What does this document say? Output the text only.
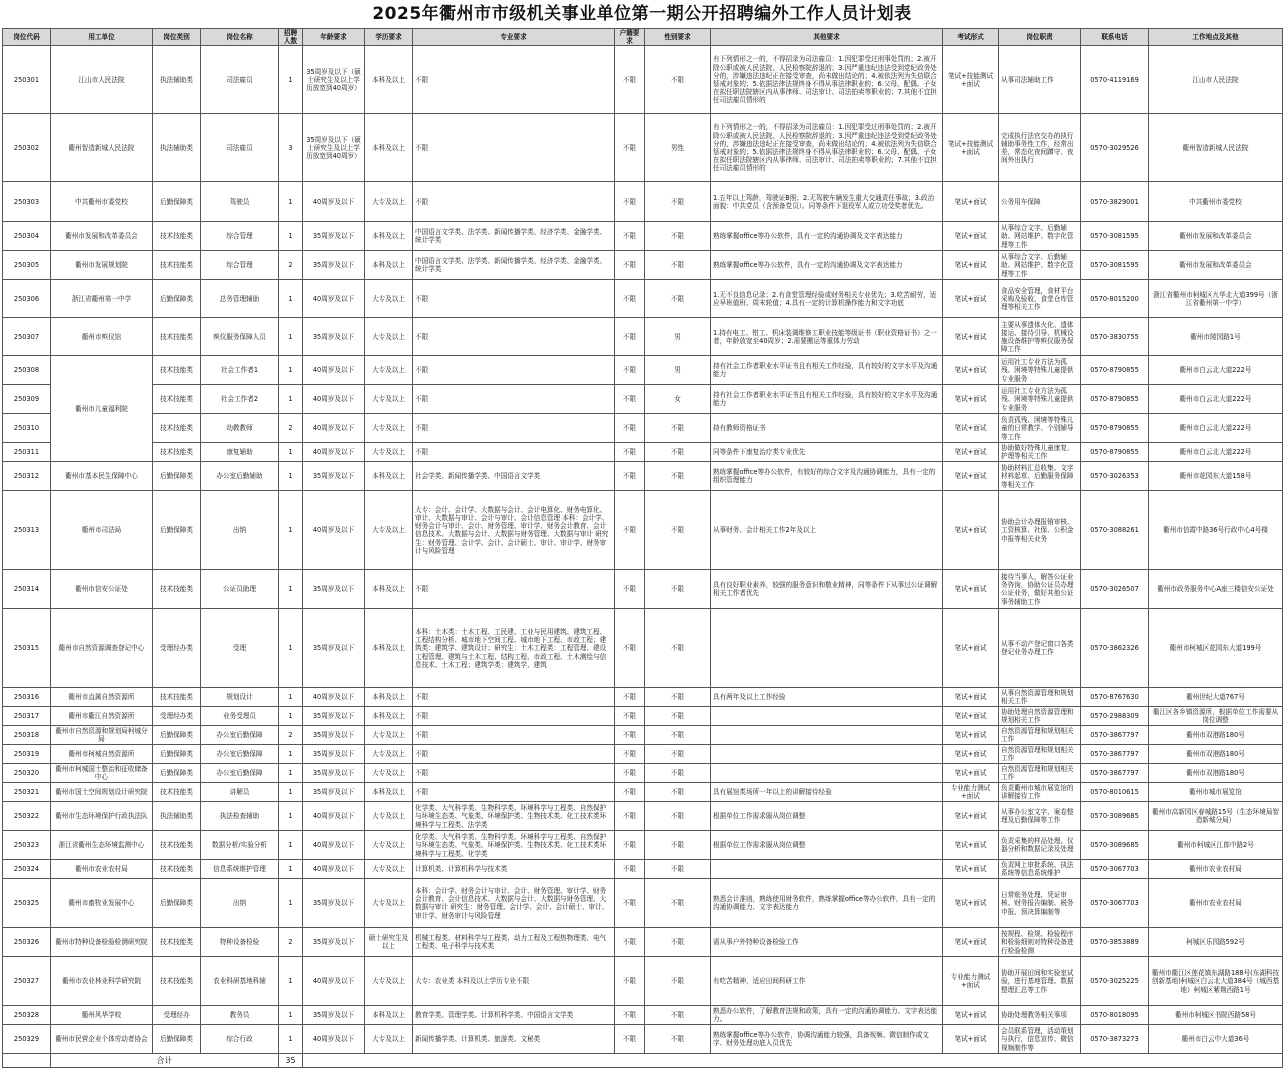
2025年衢州市市级机关事业单位第一期公开招聘编外工作人员计划表
岗位代码	用工单位	岗位类别	岗位名称	招聘人数	年龄要求	学历要求	专业要求	户籍要求	性别要求	其他要求	考试形式	岗位职责	联系电话	工作地点及其他
250301	江山市人民法院	执法辅助类	司法雇员	1	35周岁及以下（硕士研究生及以上学历放宽到40周岁）	本科及以上	不限	不限	不限	有下列情形之一的，不得招录为司法雇员：1.因犯罪受过刑事处罚的；2.被开除公职或被人民法院、人民检察院辞退的；3.因严重违纪违法受到党纪政务处分的，涉嫌违法违纪正在接受审查，尚未做出结论的；4.被依法列为失信联合惩戒对象的；5.依据法律法规终身不得从事法律职业的；6.父母、配偶、子女在拟任职法院辖区内从事律师、司法审计、司法拍卖等职业的；7.其他不宜担任司法雇员情形的	笔试+技能测试+面试	从事司法辅助工作	0570-4119169	江山市人民法院
250302	衢州智造新城人民法院	执法辅助类	司法雇员	3	35周岁及以下（硕士研究生及以上学历放宽到40周岁）	本科及以上	不限	不限	男性	有下列情形之一的，不得招录为司法雇员：1.因犯罪受过刑事处罚的；2.被开除公职或被人民法院、人民检察院辞退的；3.因严重违纪违法受到党纪政务处分的，涉嫌违法违纪正在接受审查，尚未做出结论的；4.被依法列为失信联合惩戒对象的；5.依据法律法规终身不得从事法律职业的；6.父母、配偶、子女在拟任职法院辖区内从事律师、司法审计、司法拍卖等职业的；7.其他不宜担任司法雇员情形的	笔试+技能测试+面试	完成执行法官交办的执行辅助事务性工作，经常出差，常态化夜间蹲守、夜间外出执行	0570-3029526	衢州智造新城人民法院
250303	中共衢州市委党校	后勤保障类	驾驶员	1	40周岁及以下	大专及以上	不限	不限	不限	1.五年以上驾龄，驾驶证B照；2.无驾驶车辆发生重大交通责任事故；3.政治面貌：中共党员（含预备党员）。同等条件下退役军人或立功受奖者优先。	笔试+面试	公务用车保障	0570-3829001	中共衢州市委党校
250304	衢州市发展和改革委员会	技术技能类	综合管理	1	35周岁及以下	本科及以上	中国语言文学类、法学类、新闻传播学类、经济学类、金融学类、统计学类	不限	不限	熟练掌握office等办公软件，具有一定的沟通协调及文字表达能力	笔试+面试	从事综合文字、后勤辅助、网站维护、数字化管理等工作	0570-3081595	衢州市发展和改革委员会
250305	衢州市发展规划院	技术技能类	综合管理	2	35周岁及以下	本科及以上	中国语言文学类、法学类、新闻传播学类、经济学类、金融学类、统计学类	不限	不限	熟练掌握office等办公软件，具有一定的沟通协调及文字表达能力	笔试+面试	从事综合文字、后勤辅助、网站维护、数字化管理等工作	0570-3081595	衢州市发展和改革委员会
250306	浙江省衢州第一中学	后勤保障类	总务管理辅助	1	40周岁及以下	大专及以上	不限	不限	不限	1.无不良信息记录；2.有食堂管理经验或财务相关专业优先；3.吃苦耐劳，适应早班值班、周末轮值；4.具有一定的计算机操作能力和文字功底	笔试+面试	食品安全管理，食材平台采购及验收，食堂仓库管理等相关工作	0570-8015200	浙江省衢州市柯城区九华北大道399号（浙江省衢州第一中学）
250307	衢州市殡仪馆	技术技能类	殡仪服务保障人员	1	35周岁及以下	大专及以上	不限	不限	男	1.持有电工、钳工、机床装调维修工职业技能等级证书（职业资格证书）之一者，年龄放宽至40周岁；2.需要搬运等重体力劳动	笔试+面试	主要从事遗体火化、遗体接运、接待引导、机械设施设备维护等殡仪服务保障工作	0570-3830755	衢州市陵园路1号
250308	衢州市儿童福利院	技术技能类	社会工作者1	1	40周岁及以下	大专及以上	不限	不限	男	持有社会工作者职业水平证书且有相关工作经验，具有较好的文字水平及沟通能力	笔试+面试	运用社工专业方法为孤残、困境等特殊儿童提供专业服务	0570-8790855	衢州市白云北大道222号
250309		技术技能类	社会工作者2	1	40周岁及以下	大专及以上	不限	不限	女	持有社会工作者职业水平证书且有相关工作经验，具有较好的文字水平及沟通能力	笔试+面试	运用社工专业方法为孤残、困境等特殊儿童提供专业服务	0570-8790855	衢州市白云北大道222号
250310		技术技能类	幼教教师	2	40周岁及以下	大专及以上	不限	不限	不限	持有教师资格证书	笔试+面试	负责孤残、困境等特殊儿童的日常教学、个别辅导等工作	0570-8790855	衢州市白云北大道222号
250311		技术技能类	康复辅助	1	40周岁及以下	大专及以上	不限	不限	不限	同等条件下康复治疗类专业优先	笔试+面试	协助做好特殊儿童康复、护理等相关工作	0570-8790855	衢州市白云北大道222号
250312	衢州市基本民生保障中心	后勤保障类	办公室后勤辅助	1	35周岁及以下	本科及以上	社会学类、新闻传播学类、中国语言文学类	不限	不限	熟练掌握office等办公软件，有较好的综合文字及沟通协调能力，具有一定的组织管理能力	笔试+面试	协助材料汇总收集、文字材料起草、后勤服务保障等相关工作	0570-3026353	衢州市花园东大道158号
250313	衢州市司法局	后勤保障类	出纳	1	40周岁及以下	大专及以上	大专：会计、会计学、大数据与会计、会计电算化、财务电算化、审计、大数据与审计、会计与审计、会计信息管理 本科：会计学、财务会计与审计、会计、财务管理、审计学、财务会计教育、会计信息技术、大数据与会计、大数据与财务管理、大数据与审计 研究生：财务管理、会计学、会计、会计硕士、审计、审计学、财务审计与风险管理	不限	不限	从事财务、会计相关工作2年及以上	笔试+面试	协助会计办理报销审核、工资核算、社保、公积金申报等相关业务	0570-3088261	衢州市信霞中路36号行政中心4号楼
250314	衢州市信安公证处	技术技能类	公证员助理	1	35周岁及以下	本科及以上	不限	不限	不限	具有良好职业素养，较强的服务意识和敬业精神，同等条件下从事过公证调解相关工作者优先	笔试+面试	接待当事人，解答公证业务咨询，协助公证员办理公证业务，做好其他公证事务辅助工作	0570-3026507	衢州市政务服务中心A座三楼信安公证处
250315	衢州市自然资源调查登记中心	受理经办类	受理	1	35周岁及以下	本科及以上	本科：土木类：土木工程、工民建、工业与民用建筑、建筑工程、工程结构分析、城市地下空间工程、城市地下工程、市政工程；建筑类：建筑学、建筑设计；研究生：土木工程类：工程管理、建设工程管理、建筑与土木工程、结构工程、市政工程、土木测绘与信息技术、土木工程；建筑学类：建筑学、建筑	不限	不限		笔试+面试	从事不动产登记窗口各类登记业务办理工作	0570-3862326	衢州市柯城区花园东大道199号
250316	衢州市直属自然资源所	技术技能类	规划设计	1	40周岁及以下	本科及以上	不限	不限	不限	具有两年及以上工作经验	笔试+面试	从事自然资源管理和规划相关工作	0570-8767630	衢州世纪大道767号
250317	衢州市衢江自然资源所	受理经办类	业务受理员	1	35周岁及以下	本科及以上	不限	不限	不限		笔试+面试	协助处理自然资源管理和规划相关工作	0570-2988309	衢江区各乡镇资源所，根据单位工作需要从岗位调整
250318	衢州市自然资源和规划局柯城分局	后勤保障类	办公室后勤保障	2	35周岁及以下	大专及以上	不限	不限	不限		笔试+面试	自然资源管理和规划相关工作	0570-3867797	衢州市双港路180号
250319	衢州市柯城自然资源所	后勤保障类	办公室后勤保障	1	35周岁及以下	大专及以上	不限	不限	不限		笔试+面试	自然资源管理和规划相关工作	0570-3867797	衢州市双港路180号
250320	衢州市柯城国土整治和征收储备中心	后勤保障类	办公室后勤保障	1	35周岁及以下	大专及以上	不限	不限	不限		笔试+面试	自然资源管理和规划相关工作	0570-3867797	衢州市双港路180号
250321	衢州市国土空间规划设计研究院	技术技能类	讲解员	1	35周岁及以下	本科及以上	不限	不限	不限	具有展馆类场所一年以上的讲解接待经验	专业能力测试+面试	负责衢州市城市展览馆的讲解接待工作	0570-8010615	衢州市城市展览馆
250322	衢州市生态环境保护行政执法队	执法辅助类	执法检查辅助	1	40周岁及以下	大专及以上	化学类、大气科学类、生物科学类、环境科学与工程类、自然保护与环境生态类、气象类、环境保护类、生物技术类、化工技术类环境科学与工程类、法学类	不限	不限	根据单位工作需求服从岗位调整	笔试+面试	从事办公室文字、案卷整理及后勤保障等工作	0570-3089685	衢州市高新园区春城路15号（生态环境局智造新城分局）
250323	浙江省衢州生态环境监测中心	技术技能类	数据分析/实验分析	1	40周岁及以下	大专及以上	化学类、大气科学类、生物科学类、环境科学与工程类、自然保护与环境生态类、气象类、环境保护类、生物技术类、化工技术类环境科学与工程类、化学类	不限	不限	根据单位工作需求服从岗位调整	笔试+面试	负责采集的样品处理、仪器分析和数据记录及处理	0570-3089685	衢州市柯城区江郎中路2号
250324	衢州市农业农村局	技术技能类	信息系统维护管理	1	40周岁及以下	大专及以上	计算机类、计算机科学与技术类	不限	不限		笔试+面试	负责网上审批系统、执法系统等信息系统维护	0570-3067703	衢州市农业农村局
250325	衢州市畜牧业发展中心	后勤保障类	出纳	1	35周岁及以下	大专及以上	本科：会计学、财务会计与审计、会计、财务管理、审计学、财务会计教育、会计信息技术、大数据与会计、大数据与财务管理、大数据与审计 研究生：财务管理、会计学、会计、会计硕士、审计、审计学、财务审计与风险管理	不限	不限	熟悉会计准则，熟练使用财务软件，熟练掌握office等办公软件，具有一定的沟通协调能力、文字表达能力	笔试+面试	日常账务处理、凭证审核、财务报告编制、税务申报、预决算编制等	0570-3067703	衢州市农业农村局
250326	衢州市特种设备检验检测研究院	技术技能类	特种设备检验	2	35周岁及以下	硕士研究生及以上	机械工程类、材料科学与工程类、动力工程及工程热物理类、电气工程类、电子科学与技术类	不限	不限	需从事户外特种设备检验工作	笔试+面试	按规程、检规、检验程序和检验细则对特种设备进行检验检测	0570-3853889	柯城区乐园路592号
250327	衢州市农业林业科学研究院	技术技能类	农业科研基地科辅	1	40周岁及以下	大专及以上	大专：农业类 本科及以上学历专业不限	不限	不限	有吃苦精神，适应田间科研工作	专业能力测试+面试	协助开展田间和实验室试验，进行基地管理、数据整理汇总等工作	0570-3025225	衢州市衢江区莲花镇东湖路188号(东湖科技创新基地)柯城区白云北大道384号（城西基地）柯城区紫荆西路1号
250328	衢州风华学校	受理经办	教务员	1	35周岁及以下	本科及以上	教育学类、管理学类、计算机科学类、中国语言文学类	不限	不限	熟悉办公软件，了解教育法规和政策，具有一定的沟通协调能力、文字表达能力。	笔试+面试	协助处理教务相关事项	0570-8018095	衢州市柯城区书院西路58号
250329	衢州市民营企业个体劳动者协会	后勤保障类	综合行政	1	40周岁及以下	大专及以上	新闻传播学类、计算机类、旅游类、文秘类	不限	不限	熟练掌握office等办公软件，协调沟通能力较强，具备视频、微信制作或文字、财务处理功底人员优先	笔试+面试	会员联系管理，活动策划与执行，信息宣传、微信视频制作等	0570-3873273	衢州市白云中大道36号
	合计			35										
